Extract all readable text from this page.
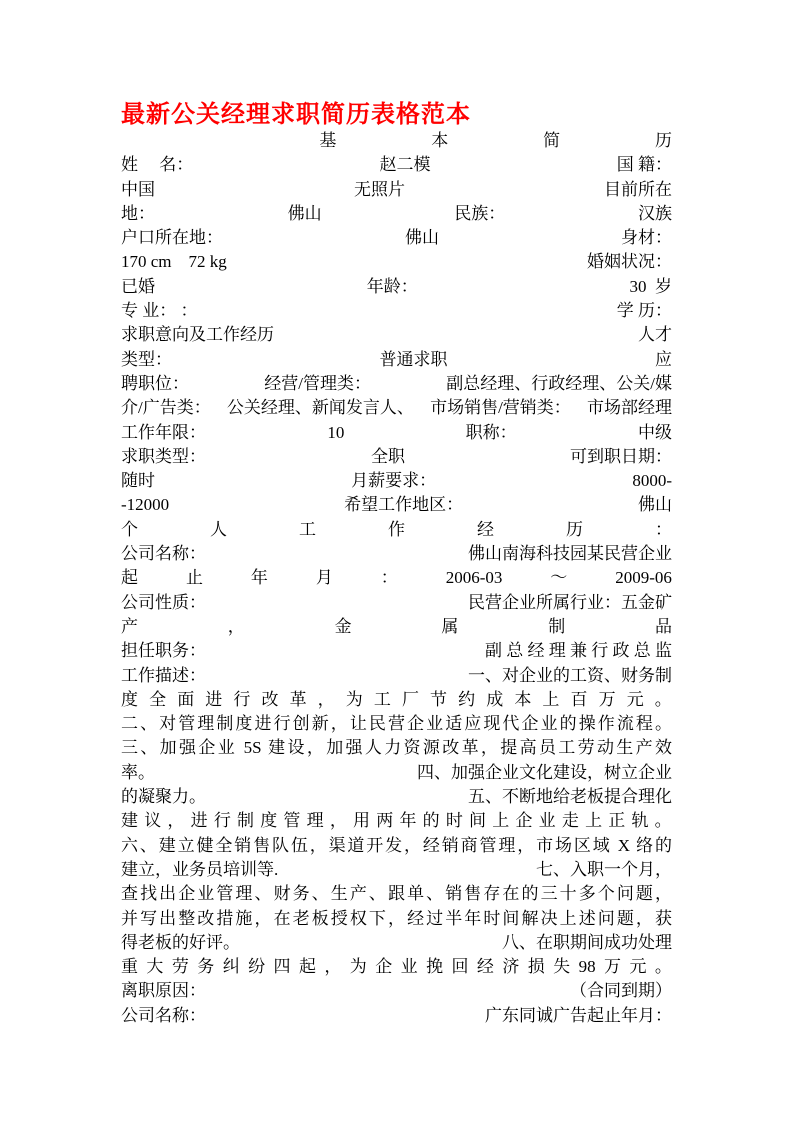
最新公关经理求职简历表格范本
基	本	简	历
姓     名：	赵二模	国 籍：
中国	无照片	目前所在
地：	佛山	民族：	汉族
户口所在地：	佛山	身材：
170 cm    72 kg	婚姻状况：
已婚	年龄：	30  岁
专 业： ：	学 历：
求职意向及工作经历	人才
类型：	普通求职	应
聘职位：	经营/管理类：	副总经理、行政经理、公关/媒
介/广告类： 公关经理、新闻发言人、 市场销售/营销类： 市场部经理
工作年限：	10	职称：	中级
求职类型：	全职	可到职日期：
随时	月薪要求：	8000-
-12000	希望工作地区：	佛山
个	人	工	作	经	历	：
公司名称：	佛山南海科技园某民营企业
起	止	年	月	：	2006-03	～	2009-06
公司性质：	民营企业所属行业：五金矿
产	，	金	属	制	品
担任职务：	副 总 经 理 兼 行 政 总 监
工作描述：	一、对企业的工资、财务制
度 全 面 进 行 改 革 ， 为 工 厂 节 约 成 本 上 百 万 元 。
二、对管理制度进行创新，让民营企业适应现代企业的操作流程。
三、加强企业 5S 建设，加强人力资源改革，提高员工劳动生产效
率。	四、加强企业文化建设，树立企业
的凝聚力。	五、不断地给老板提合理化
建 议 ， 进 行 制 度 管 理 ， 用 两 年 的 时 间 上 企 业 走 上 正 轨 。
六、建立健全销售队伍，渠道开发，经销商管理，市场区域 X 络的
建立，业务员培训等.	七、入职一个月，
查找出企业管理、财务、生产、跟单、销售存在的三十多个问题，
并写出整改措施，在老板授权下，经过半年时间解决上述问题，获
得老板的好评。	八、在职期间成功处理
重 大 劳 务 纠 纷 四 起 ， 为 企 业 挽 回 经 济 损 失 98 万 元 。
离职原因：	（合同到期）
公司名称：	广东同诚广告起止年月：
